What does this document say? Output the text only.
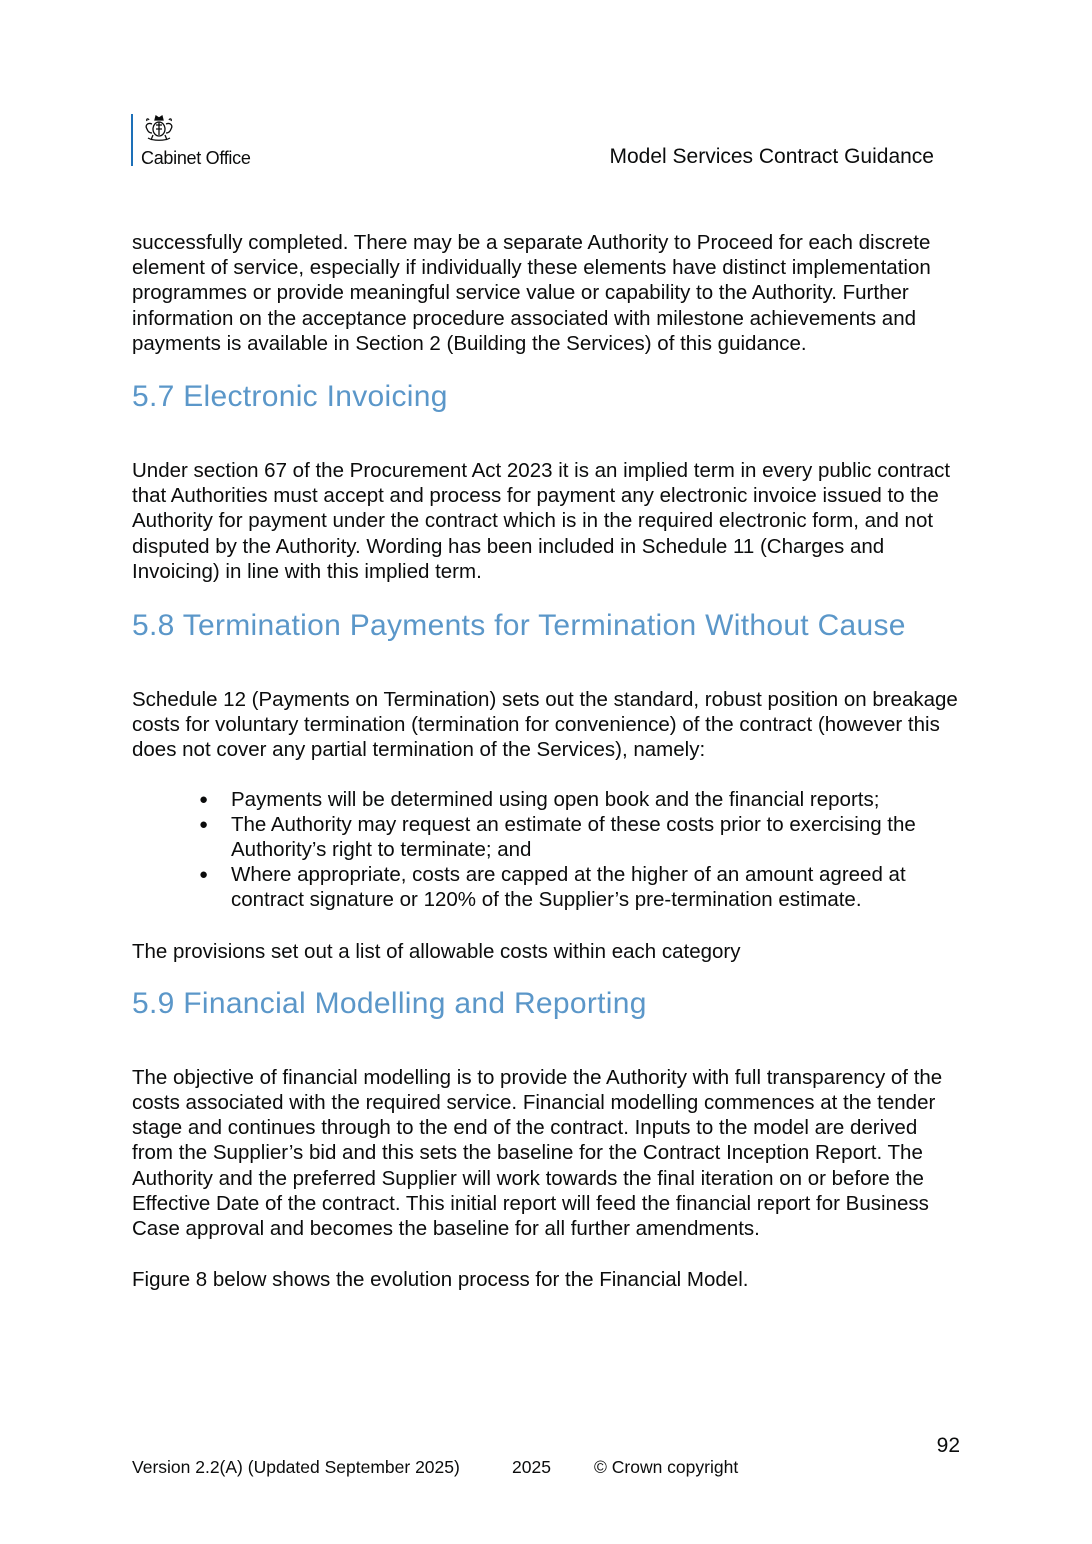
Cabinet Office	Model Services Contract Guidance

successfully completed. There may be a separate Authority to Proceed for each discrete element of service, especially if individually these elements have distinct implementation programmes or provide meaningful service value or capability to the Authority. Further information on the acceptance procedure associated with milestone achievements and payments is available in Section 2 (Building the Services) of this guidance.

5.7 Electronic Invoicing

Under section 67 of the Procurement Act 2023 it is an implied term in every public contract that Authorities must accept and process for payment any electronic invoice issued to the Authority for payment under the contract which is in the required electronic form, and not disputed by the Authority. Wording has been included in Schedule 11 (Charges and Invoicing) in line with this implied term.

5.8 Termination Payments for Termination Without Cause

Schedule 12 (Payments on Termination) sets out the standard, robust position on breakage costs for voluntary termination (termination for convenience) of the contract (however this does not cover any partial termination of the Services), namely:

● Payments will be determined using open book and the financial reports;
● The Authority may request an estimate of these costs prior to exercising the Authority’s right to terminate; and
● Where appropriate, costs are capped at the higher of an amount agreed at contract signature or 120% of the Supplier’s pre-termination estimate.

The provisions set out a list of allowable costs within each category

5.9 Financial Modelling and Reporting

The objective of financial modelling is to provide the Authority with full transparency of the costs associated with the required service. Financial modelling commences at the tender stage and continues through to the end of the contract. Inputs to the model are derived from the Supplier’s bid and this sets the baseline for the Contract Inception Report. The Authority and the preferred Supplier will work towards the final iteration on or before the Effective Date of the contract. This initial report will feed the financial report for Business Case approval and becomes the baseline for all further amendments.

Figure 8 below shows the evolution process for the Financial Model.

92
Version 2.2(A) (Updated September 2025)	2025 © Crown copyright
